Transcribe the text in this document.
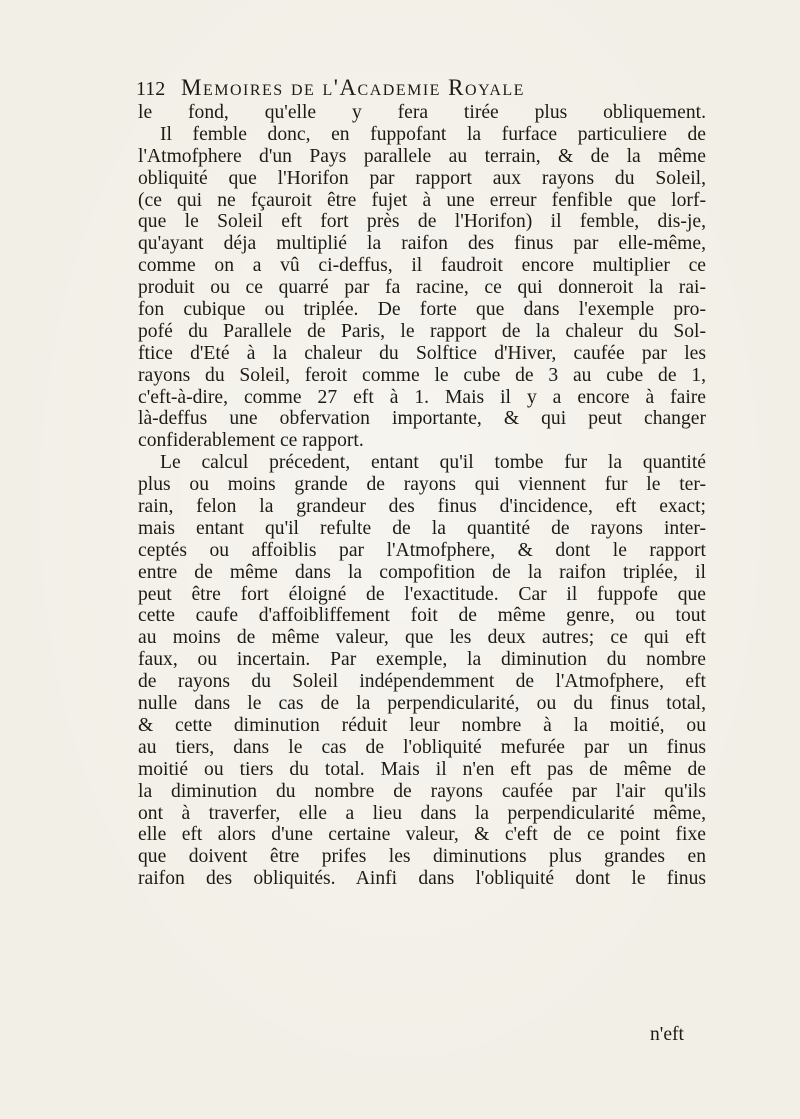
112 Memoires de l'Academie Royale
le fond, qu'elle y fera tirée plus obliquement.
Il femble donc, en fuppofant la furface particuliere de
l'Atmofphere d'un Pays parallele au terrain, & de la même
obliquité que l'Horifon par rapport aux rayons du Soleil,
(ce qui ne fçauroit être fujet à une erreur fenfible que lorf-
que le Soleil eft fort près de l'Horifon) il femble, dis-je,
qu'ayant déja multiplié la raifon des finus par elle-même,
comme on a vû ci-deffus, il faudroit encore multiplier ce
produit ou ce quarré par fa racine, ce qui donneroit la rai-
fon cubique ou triplée. De forte que dans l'exemple pro-
pofé du Parallele de Paris, le rapport de la chaleur du Sol-
ftice d'Eté à la chaleur du Solftice d'Hiver, caufée par les
rayons du Soleil, feroit comme le cube de 3 au cube de 1,
c'eft-à-dire, comme 27 eft à 1. Mais il y a encore à faire
là-deffus une obfervation importante, & qui peut changer
confiderablement ce rapport.
Le calcul précedent, entant qu'il tombe fur la quantité
plus ou moins grande de rayons qui viennent fur le ter-
rain, felon la grandeur des finus d'incidence, eft exact;
mais entant qu'il refulte de la quantité de rayons inter-
ceptés ou affoiblis par l'Atmofphere, & dont le rapport
entre de même dans la compofition de la raifon triplée, il
peut être fort éloigné de l'exactitude. Car il fuppofe que
cette caufe d'affoibliffement foit de même genre, ou tout
au moins de même valeur, que les deux autres; ce qui eft
faux, ou incertain. Par exemple, la diminution du nombre
de rayons du Soleil indépendemment de l'Atmofphere, eft
nulle dans le cas de la perpendicularité, ou du finus total,
& cette diminution réduit leur nombre à la moitié, ou
au tiers, dans le cas de l'obliquité mefurée par un finus
moitié ou tiers du total. Mais il n'en eft pas de même de
la diminution du nombre de rayons caufée par l'air qu'ils
ont à traverfer, elle a lieu dans la perpendicularité même,
elle eft alors d'une certaine valeur, & c'eft de ce point fixe
que doivent être prifes les diminutions plus grandes en
raifon des obliquités. Ainfi dans l'obliquité dont le finus
n'eft
